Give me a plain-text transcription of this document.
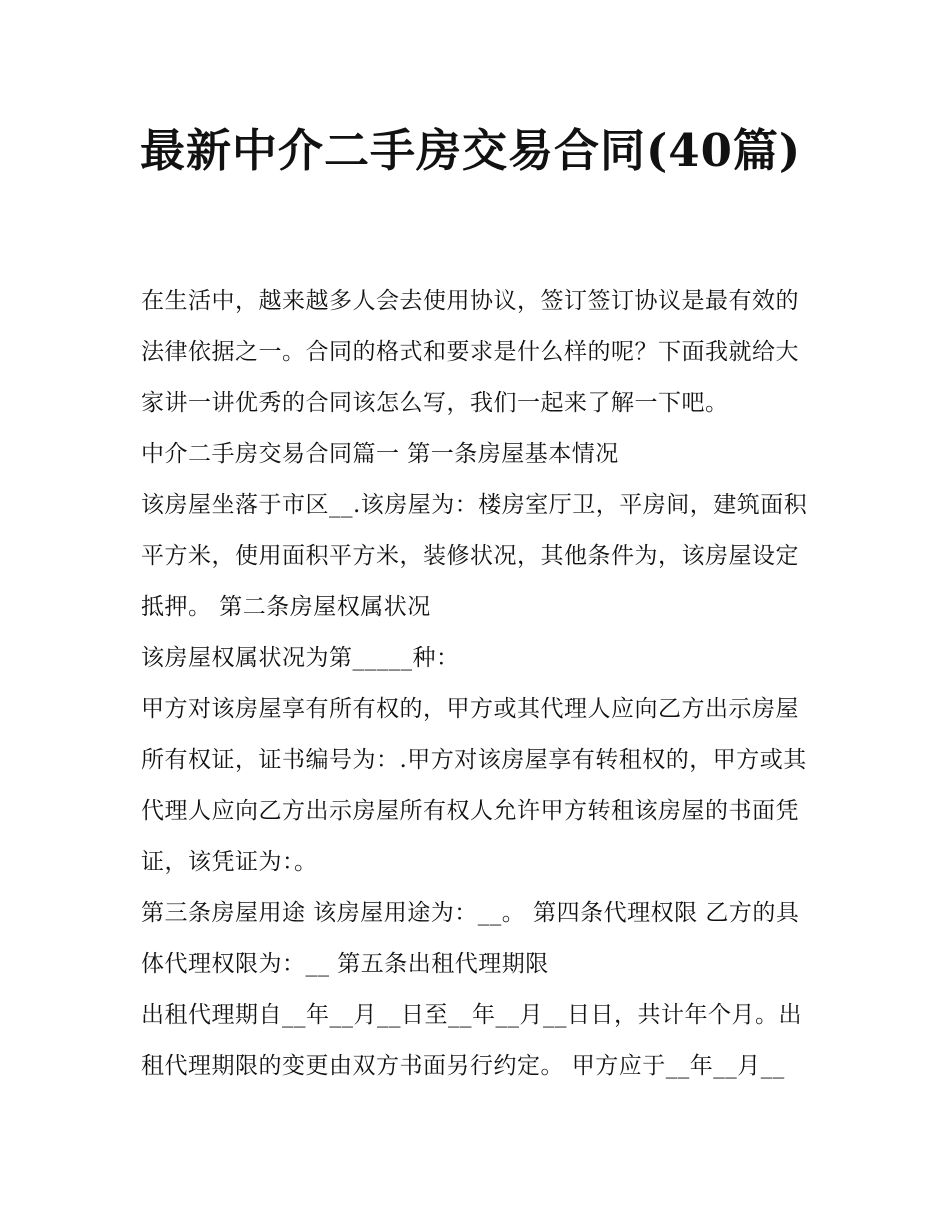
最新中介二手房交易合同(40篇)

在生活中，越来越多人会去使用协议，签订签订协议是最有效的法律依据之一。合同的格式和要求是什么样的呢？下面我就给大家讲一讲优秀的合同该怎么写，我们一起来了解一下吧。

中介二手房交易合同篇一 第一条房屋基本情况

该房屋坐落于市区__.该房屋为：楼房室厅卫，平房间，建筑面积平方米，使用面积平方米，装修状况，其他条件为，该房屋设定抵押。 第二条房屋权属状况

该房屋权属状况为第_____种：

甲方对该房屋享有所有权的，甲方或其代理人应向乙方出示房屋所有权证，证书编号为：.甲方对该房屋享有转租权的，甲方或其代理人应向乙方出示房屋所有权人允许甲方转租该房屋的书面凭证，该凭证为：。

第三条房屋用途 该房屋用途为：__。 第四条代理权限 乙方的具体代理权限为：__ 第五条出租代理期限

出租代理期自__年__月__日至__年__月__日日，共计年个月。出租代理期限的变更由双方书面另行约定。 甲方应于__年__月__
